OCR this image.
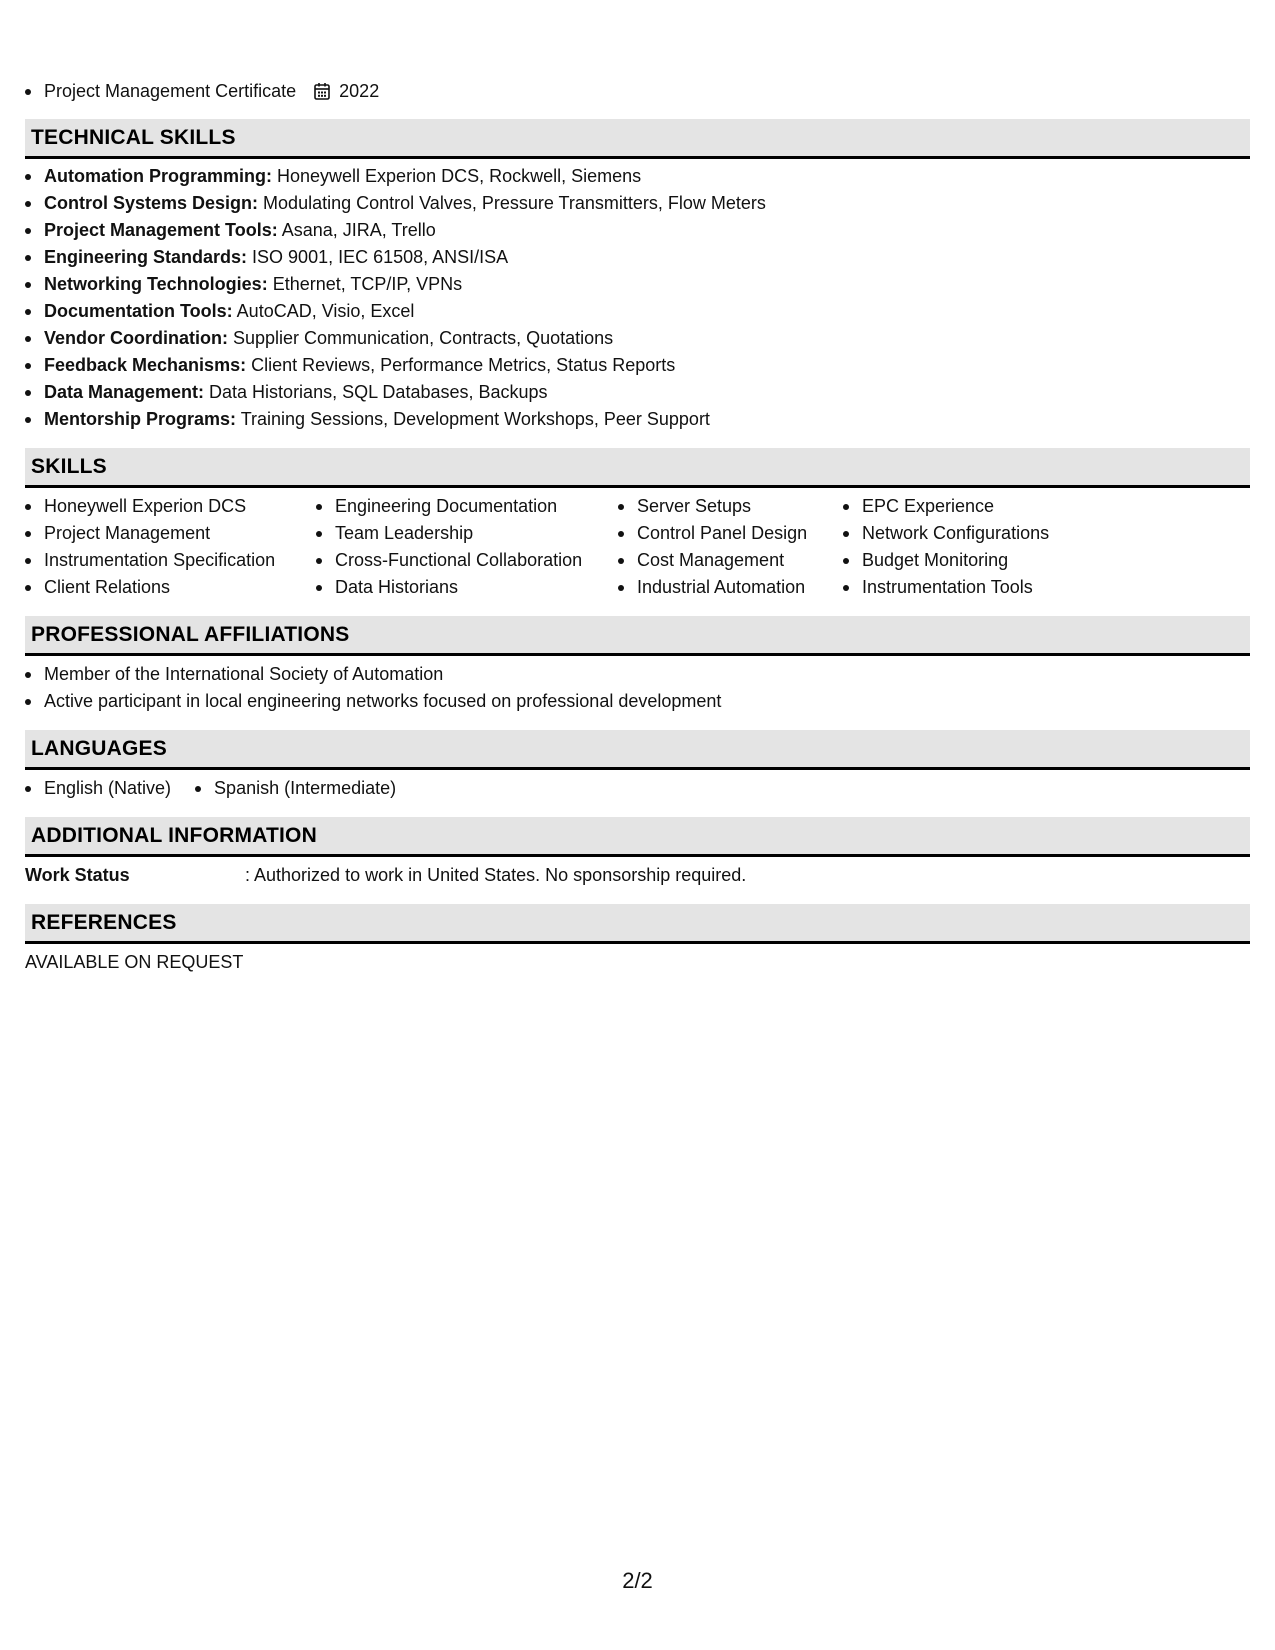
Project Management Certificate 2022
TECHNICAL SKILLS
Automation Programming: Honeywell Experion DCS, Rockwell, Siemens
Control Systems Design: Modulating Control Valves, Pressure Transmitters, Flow Meters
Project Management Tools: Asana, JIRA, Trello
Engineering Standards: ISO 9001, IEC 61508, ANSI/ISA
Networking Technologies: Ethernet, TCP/IP, VPNs
Documentation Tools: AutoCAD, Visio, Excel
Vendor Coordination: Supplier Communication, Contracts, Quotations
Feedback Mechanisms: Client Reviews, Performance Metrics, Status Reports
Data Management: Data Historians, SQL Databases, Backups
Mentorship Programs: Training Sessions, Development Workshops, Peer Support
SKILLS
Honeywell Experion DCS
Project Management
Instrumentation Specification
Client Relations
Engineering Documentation
Team Leadership
Cross-Functional Collaboration
Data Historians
Server Setups
Control Panel Design
Cost Management
Industrial Automation
EPC Experience
Network Configurations
Budget Monitoring
Instrumentation Tools
PROFESSIONAL AFFILIATIONS
Member of the International Society of Automation
Active participant in local engineering networks focused on professional development
LANGUAGES
English (Native)	Spanish (Intermediate)
ADDITIONAL INFORMATION
Work Status	: Authorized to work in United States. No sponsorship required.
REFERENCES
AVAILABLE ON REQUEST
2/2
